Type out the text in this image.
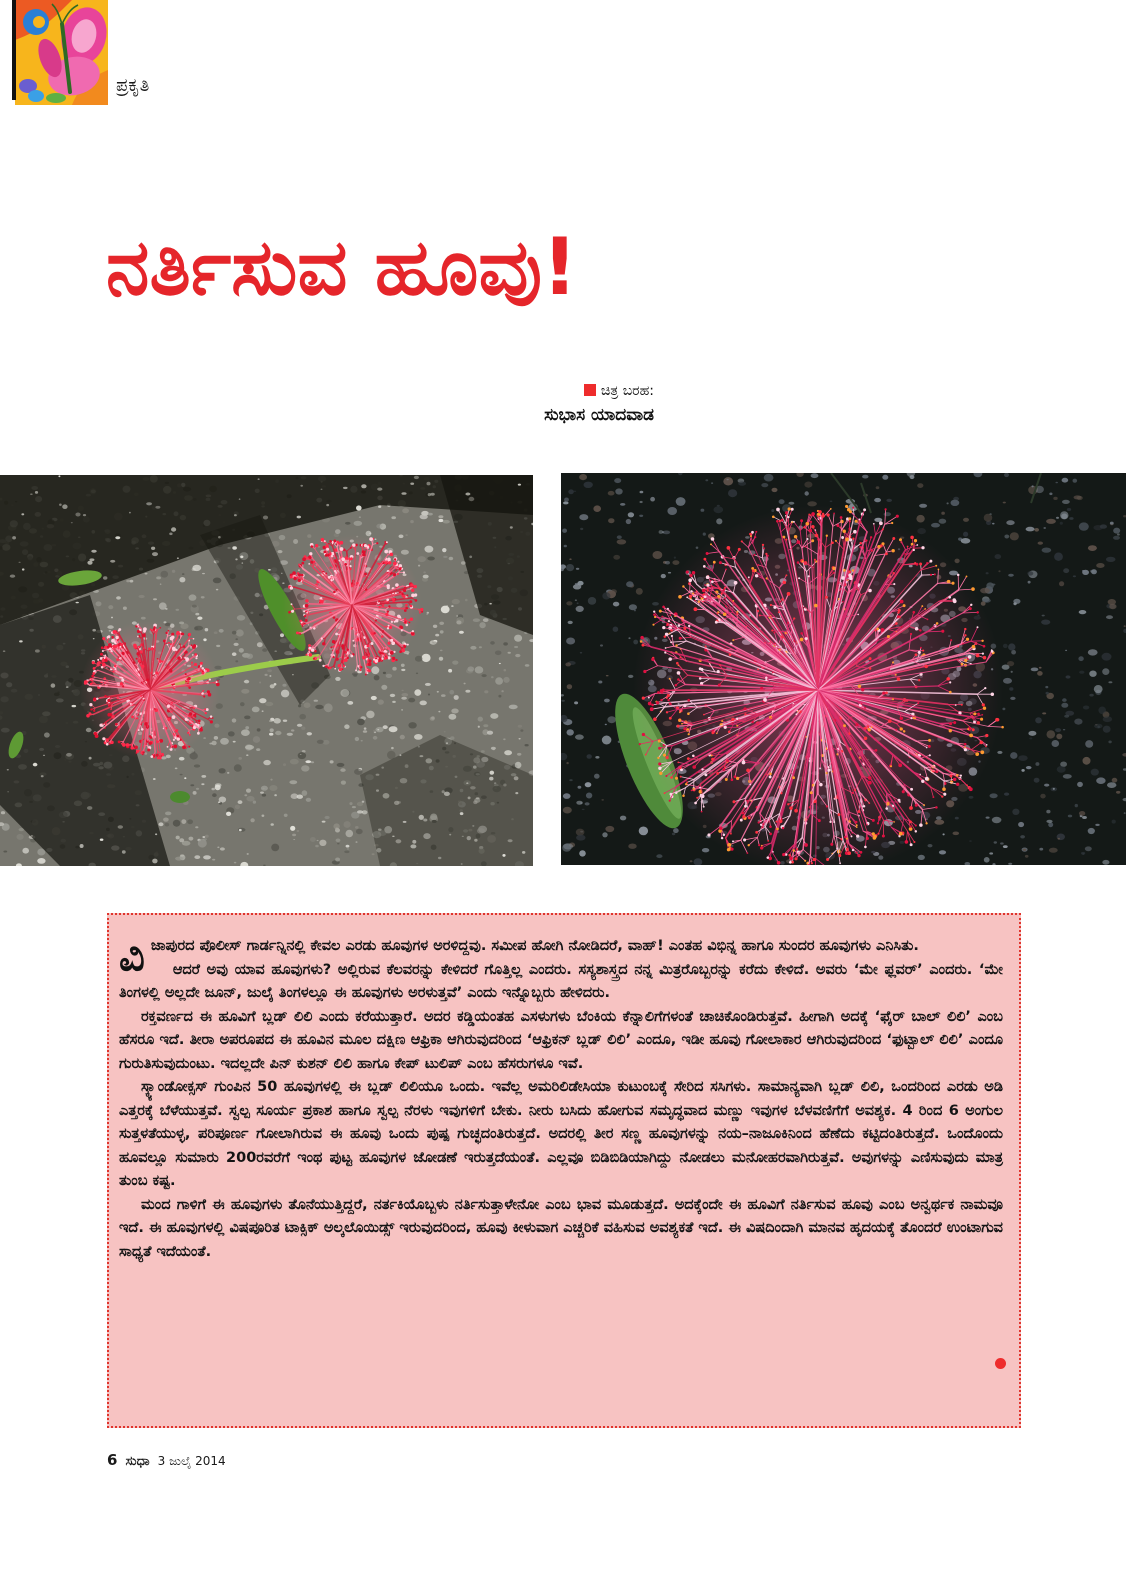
ಪ್ರಕೃತಿ
ನರ್ತಿಸುವ ಹೂವು!
ಚಿತ್ರ ಬರಹ:
ಸುಭಾಸ ಯಾದವಾಡ

ವಿಜಾಪುರದ ಪೊಲೀಸ್ ಗಾರ್ಡನ್ನಿನಲ್ಲಿ ಕೇವಲ ಎರಡು ಹೂವುಗಳ ಅರಳಿದ್ದವು. ಸಮೀಪ ಹೋಗಿ ನೋಡಿದರೆ, ವಾಹ್! ಎಂತಹ ವಿಭಿನ್ನ ಹಾಗೂ ಸುಂದರ ಹೂವುಗಳು ಎನಿಸಿತು.

ಆದರೆ ಅವು ಯಾವ ಹೂವುಗಳು? ಅಲ್ಲಿರುವ ಕೆಲವರನ್ನು ಕೇಳಿದರೆ ಗೊತ್ತಿಲ್ಲ ಎಂದರು. ಸಸ್ಯಶಾಸ್ತ್ರದ ನನ್ನ ಮಿತ್ರರೊಬ್ಬರನ್ನು ಕರೆದು ಕೇಳಿದೆ. ಅವರು ‘ಮೇ ಫ್ಲವರ್’ ಎಂದರು. ‘ಮೇ ತಿಂಗಳಲ್ಲಿ ಅಲ್ಲದೇ ಜೂನ್, ಜುಲೈ ತಿಂಗಳಲ್ಲೂ ಈ ಹೂವುಗಳು ಅರಳುತ್ತವೆ’ ಎಂದು ಇನ್ನೊಬ್ಬರು ಹೇಳಿದರು.

ರಕ್ತವರ್ಣದ ಈ ಹೂವಿಗೆ ಬ್ಲಡ್ ಲಿಲಿ ಎಂದು ಕರೆಯುತ್ತಾರೆ. ಅದರ ಕಡ್ಡಿಯಂತಹ ಎಸಳುಗಳು ಬೆಂಕಿಯ ಕೆನ್ನಾಲಿಗೆಗಳಂತೆ ಚಾಚಿಕೊಂಡಿರುತ್ತವೆ. ಹೀಗಾಗಿ ಅದಕ್ಕೆ ‘ಫೈರ್ ಬಾಲ್ ಲಿಲಿ’ ಎಂಬ ಹೆಸರೂ ಇದೆ. ತೀರಾ ಅಪರೂಪದ ಈ ಹೂವಿನ ಮೂಲ ದಕ್ಷಿಣ ಆಫ್ರಿಕಾ ಆಗಿರುವುದರಿಂದ ‘ಆಫ್ರಿಕನ್ ಬ್ಲಡ್ ಲಿಲಿ’ ಎಂದೂ, ಇಡೀ ಹೂವು ಗೋಲಾಕಾರ ಆಗಿರುವುದರಿಂದ ‘ಫುಟ್ಬಾಲ್ ಲಿಲಿ’ ಎಂದೂ ಗುರುತಿಸುವುದುಂಟು. ಇದಲ್ಲದೇ ಪಿನ್ ಕುಶನ್ ಲಿಲಿ ಹಾಗೂ ಕೇಪ್ ಟುಲಿಪ್ ಎಂಬ ಹೆಸರುಗಳೂ ಇವೆ.

ಸ್ಕ್ಯಾಂಡೋಕ್ಸಸ್ ಗುಂಪಿನ 50 ಹೂವುಗಳಲ್ಲಿ ಈ ಬ್ಲಡ್ ಲಿಲಿಯೂ ಒಂದು. ಇವೆಲ್ಲ ಅಮರಿಲಿಡೇಸಿಯಾ ಕುಟುಂಬಕ್ಕೆ ಸೇರಿದ ಸಸಿಗಳು. ಸಾಮಾನ್ಯವಾಗಿ ಬ್ಲಡ್ ಲಿಲಿ, ಒಂದರಿಂದ ಎರಡು ಅಡಿ ಎತ್ತರಕ್ಕೆ ಬೆಳೆಯುತ್ತವೆ. ಸ್ವಲ್ಪ ಸೂರ್ಯ ಪ್ರಕಾಶ ಹಾಗೂ ಸ್ವಲ್ಪ ನೆರಳು ಇವುಗಳಿಗೆ ಬೇಕು. ನೀರು ಬಸಿದು ಹೋಗುವ ಸಮೃದ್ಧವಾದ ಮಣ್ಣು ಇವುಗಳ ಬೆಳವಣಿಗೆಗೆ ಅವಶ್ಯಕ. 4 ರಿಂದ 6 ಅಂಗುಲ ಸುತ್ತಳತೆಯುಳ್ಳ, ಪರಿಪೂರ್ಣ ಗೋಲಾಗಿರುವ ಈ ಹೂವು ಒಂದು ಪುಷ್ಪ ಗುಚ್ಛದಂತಿರುತ್ತದೆ. ಅದರಲ್ಲಿ ತೀರ ಸಣ್ಣ ಹೂವುಗಳನ್ನು ನಯ–ನಾಜೂಕಿನಿಂದ ಹೆಣೆದು ಕಟ್ಟಿದಂತಿರುತ್ತದೆ. ಒಂದೊಂದು ಹೂವಲ್ಲೂ ಸುಮಾರು 200ರವರೆಗೆ ಇಂಥ ಪುಟ್ಟ ಹೂವುಗಳ ಜೋಡಣೆ ಇರುತ್ತದೆಯಂತೆ. ಎಲ್ಲವೂ ಬಿಡಿಬಿಡಿಯಾಗಿದ್ದು ನೋಡಲು ಮನೋಹರವಾಗಿರುತ್ತವೆ. ಅವುಗಳನ್ನು ಎಣಿಸುವುದು ಮಾತ್ರ ತುಂಬ ಕಷ್ಟ.

ಮಂದ ಗಾಳಿಗೆ ಈ ಹೂವುಗಳು ತೊನೆಯುತ್ತಿದ್ದರೆ, ನರ್ತಕಿಯೊಬ್ಬಳು ನರ್ತಿಸುತ್ತಾಳೇನೋ ಎಂಬ ಭಾವ ಮೂಡುತ್ತದೆ. ಅದಕ್ಕೆಂದೇ ಈ ಹೂವಿಗೆ ನರ್ತಿಸುವ ಹೂವು ಎಂಬ ಅನ್ವರ್ಥಕ ನಾಮವೂ ಇದೆ. ಈ ಹೂವುಗಳಲ್ಲಿ ವಿಷಪೂರಿತ ಟಾಕ್ಸಿಕ್ ಅಲ್ಕಲೊಯಿಡ್ಸ್ ಇರುವುದರಿಂದ, ಹೂವು ಕೀಳುವಾಗ ಎಚ್ಚರಿಕೆ ವಹಿಸುವ ಅವಶ್ಯಕತೆ ಇದೆ. ಈ ವಿಷದಿಂದಾಗಿ ಮಾನವ ಹೃದಯಕ್ಕೆ ತೊಂದರೆ ಉಂಟಾಗುವ ಸಾಧ್ಯತೆ ಇದೆಯಂತೆ.

6 ಸುಧಾ 3 ಜುಲೈ 2014
